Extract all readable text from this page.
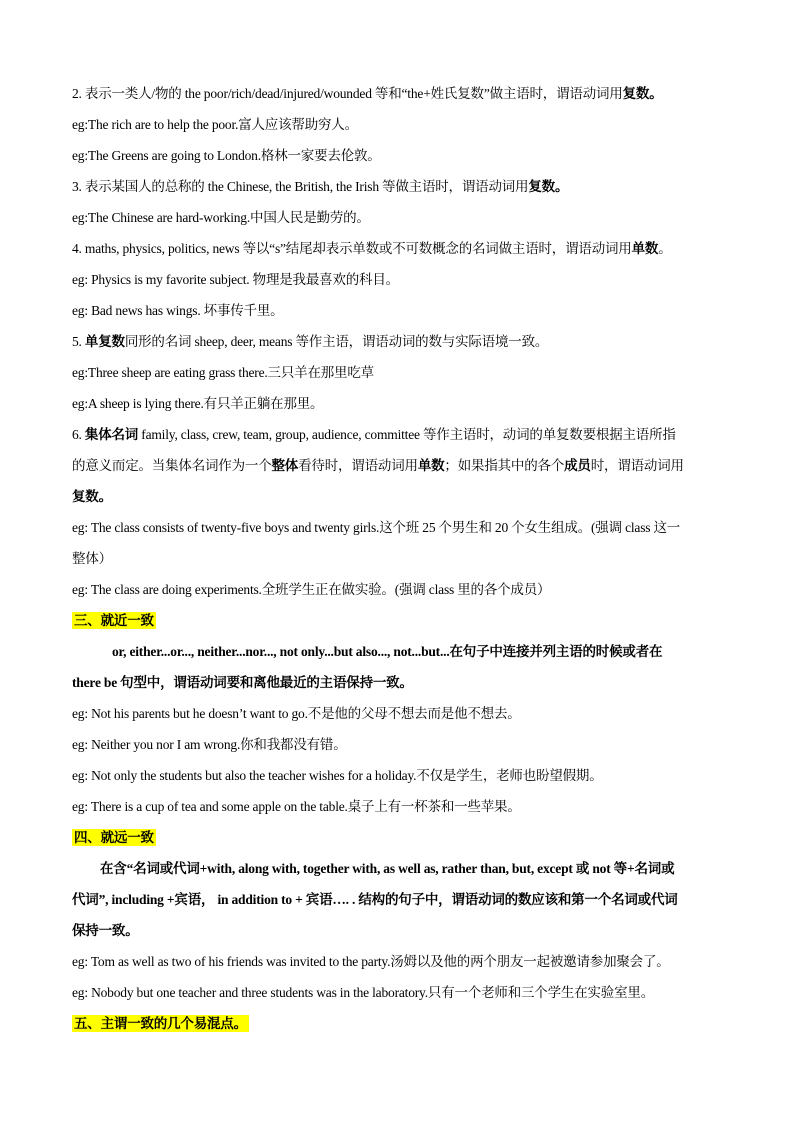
2. 表示一类人/物的 the poor/rich/dead/injured/wounded 等和“the+姓氏复数”做主语时，谓语动词用复数。
eg:The rich are to help the poor.富人应该帮助穷人。
eg:The Greens are going to London.格林一家要去伦敦。
3. 表示某国人的总称的 the Chinese, the British, the Irish 等做主语时，谓语动词用复数。
eg:The Chinese are hard-working.中国人民是勤劳的。
4. maths, physics, politics, news 等以“s”结尾却表示单数或不可数概念的名词做主语时，谓语动词用单数。
eg: Physics is my favorite subject. 物理是我最喜欢的科目。
eg: Bad news has wings. 坏事传千里。
5. 单复数同形的名词 sheep, deer, means 等作主语，谓语动词的数与实际语境一致。
eg:Three sheep are eating grass there.三只羊在那里吃草
eg:A sheep is lying there.有只羊正躺在那里。
6. 集体名词 family, class, crew, team, group, audience, committee 等作主语时，动词的单复数要根据主语所指
的意义而定。当集体名词作为一个整体看待时，谓语动词用单数；如果指其中的各个成员时，谓语动词用
复数。
eg: The class consists of twenty-five boys and twenty girls.这个班 25 个男生和 20 个女生组成。(强调 class 这一
整体）
eg: The class are doing experiments.全班学生正在做实验。(强调 class 里的各个成员）
三、就近一致
or, either...or..., neither...nor..., not only...but also..., not...but...在句子中连接并列主语的时候或者在
there be 句型中，谓语动词要和离他最近的主语保持一致。
eg: Not his parents but he doesn’t want to go.不是他的父母不想去而是他不想去。
eg: Neither you nor I am wrong.你和我都没有错。
eg: Not only the students but also the teacher wishes for a holiday.不仅是学生，老师也盼望假期。
eg: There is a cup of tea and some apple on the table.桌子上有一杯茶和一些苹果。
四、就远一致
在含“名词或代词+with, along with, together with, as well as, rather than, but, except 或 not 等+名词或
代词”, including +宾语， in addition to + 宾语…. . 结构的句子中，谓语动词的数应该和第一个名词或代词
保持一致。
eg: Tom as well as two of his friends was invited to the party.汤姆以及他的两个朋友一起被邀请参加聚会了。
eg: Nobody but one teacher and three students was in the laboratory.只有一个老师和三个学生在实验室里。
五、主谓一致的几个易混点。
